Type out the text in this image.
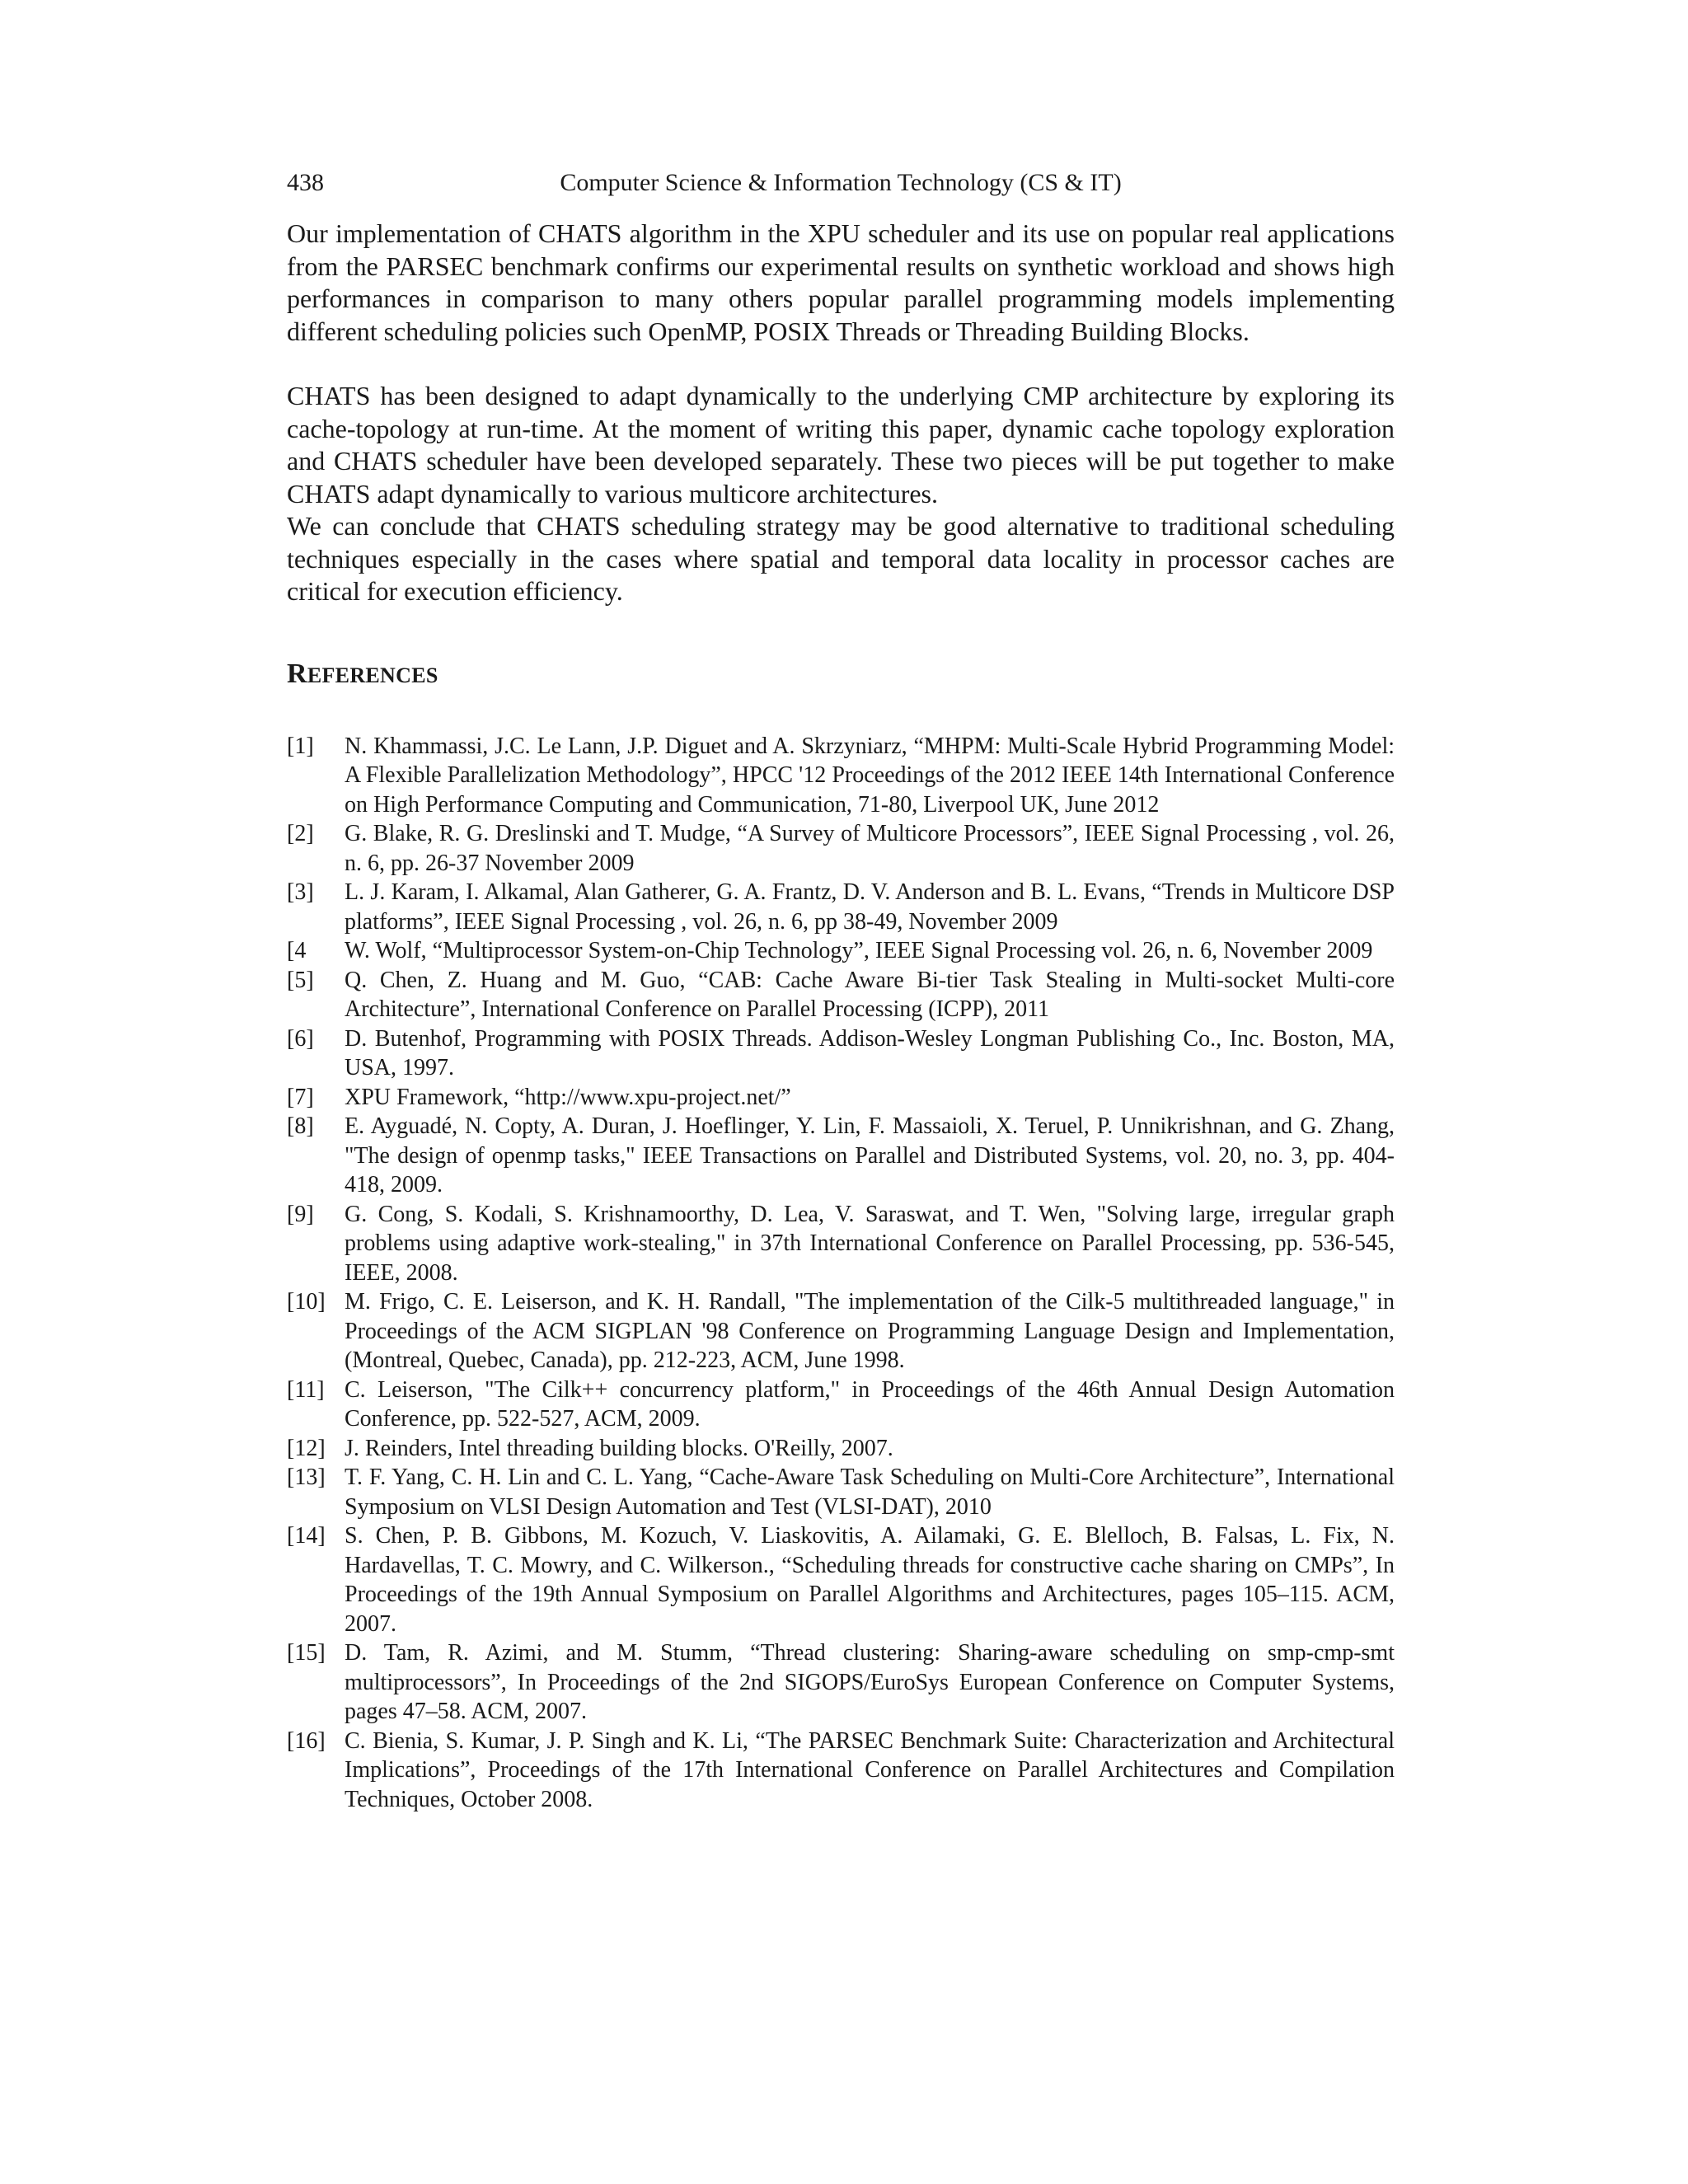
438	Computer Science & Information Technology (CS & IT)

Our implementation of CHATS algorithm in the XPU scheduler and its use on popular real applications from the PARSEC benchmark confirms our experimental results on synthetic workload and shows high performances in comparison to many others popular parallel programming models implementing different scheduling policies such OpenMP, POSIX Threads or Threading Building Blocks.

CHATS has been designed to adapt dynamically to the underlying CMP architecture by exploring its cache-topology at run-time. At the moment of writing this paper, dynamic cache topology exploration and CHATS scheduler have been developed separately. These two pieces will be put together to make CHATS adapt dynamically to various multicore architectures.

We can conclude that CHATS scheduling strategy may be good alternative to traditional scheduling techniques especially in the cases where spatial and temporal data locality in processor caches are critical for execution efficiency.

REFERENCES
[1] N. Khammassi, J.C. Le Lann, J.P. Diguet and A. Skrzyniarz, “MHPM: Multi-Scale Hybrid Programming Model: A Flexible Parallelization Methodology”, HPCC '12 Proceedings of the 2012 IEEE 14th International Conference on High Performance Computing and Communication, 71-80, Liverpool UK, June 2012
[2] G. Blake, R. G. Dreslinski and T. Mudge, “A Survey of Multicore Processors”, IEEE Signal Processing , vol. 26, n. 6, pp. 26-37 November 2009
[3] L. J. Karam, I. Alkamal, Alan Gatherer, G. A. Frantz, D. V. Anderson and B. L. Evans, “Trends in Multicore DSP platforms”, IEEE Signal Processing , vol. 26, n. 6, pp 38-49, November 2009
[4 W. Wolf, “Multiprocessor System-on-Chip Technology”, IEEE Signal Processing vol. 26, n. 6, November 2009
[5] Q. Chen, Z. Huang and M. Guo, “CAB: Cache Aware Bi-tier Task Stealing in Multi-socket Multi-core Architecture”, International Conference on Parallel Processing (ICPP), 2011
[6] D. Butenhof, Programming with POSIX Threads. Addison-Wesley Longman Publishing Co., Inc. Boston, MA, USA, 1997.
[7] XPU Framework, “http://www.xpu-project.net/”
[8] E. Ayguadé, N. Copty, A. Duran, J. Hoeflinger, Y. Lin, F. Massaioli, X. Teruel, P. Unnikrishnan, and G. Zhang, "The design of openmp tasks," IEEE Transactions on Parallel and Distributed Systems, vol. 20, no. 3, pp. 404-418, 2009.
[9] G. Cong, S. Kodali, S. Krishnamoorthy, D. Lea, V. Saraswat, and T. Wen, "Solving large, irregular graph problems using adaptive work-stealing," in 37th International Conference on Parallel Processing, pp. 536-545, IEEE, 2008.
[10] M. Frigo, C. E. Leiserson, and K. H. Randall, "The implementation of the Cilk-5 multithreaded language," in Proceedings of the ACM SIGPLAN '98 Conference on Programming Language Design and Implementation, (Montreal, Quebec, Canada), pp. 212-223, ACM, June 1998.
[11] C. Leiserson, "The Cilk++ concurrency platform," in Proceedings of the 46th Annual Design Automation Conference, pp. 522-527, ACM, 2009.
[12] J. Reinders, Intel threading building blocks. O'Reilly, 2007.
[13] T. F. Yang, C. H. Lin and C. L. Yang, “Cache-Aware Task Scheduling on Multi-Core Architecture”, International Symposium on VLSI Design Automation and Test (VLSI-DAT), 2010
[14] S. Chen, P. B. Gibbons, M. Kozuch, V. Liaskovitis, A. Ailamaki, G. E. Blelloch, B. Falsas, L. Fix, N. Hardavellas, T. C. Mowry, and C. Wilkerson., “Scheduling threads for constructive cache sharing on CMPs”, In Proceedings of the 19th Annual Symposium on Parallel Algorithms and Architectures, pages 105–115. ACM, 2007.
[15] D. Tam, R. Azimi, and M. Stumm, “Thread clustering: Sharing-aware scheduling on smp-cmp-smt multiprocessors”, In Proceedings of the 2nd SIGOPS/EuroSys European Conference on Computer Systems, pages 47–58. ACM, 2007.
[16] C. Bienia, S. Kumar, J. P. Singh and K. Li, “The PARSEC Benchmark Suite: Characterization and Architectural Implications”, Proceedings of the 17th International Conference on Parallel Architectures and Compilation Techniques, October 2008.
